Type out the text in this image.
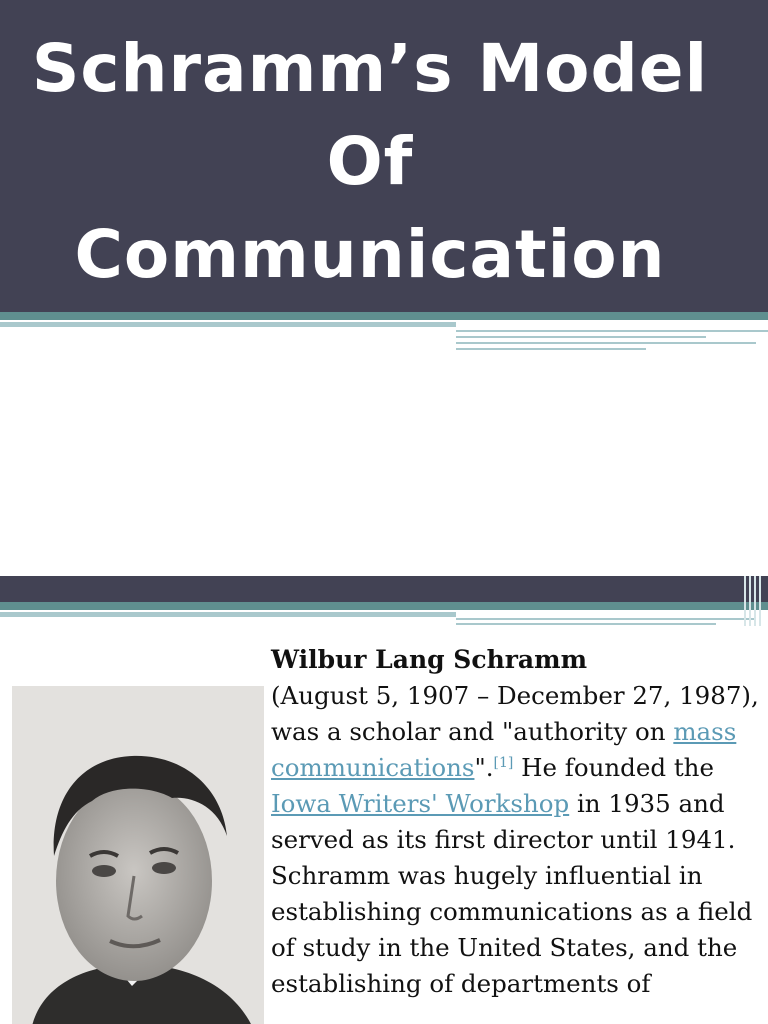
Schramm’s Model
Of
Communication
Wilbur Lang Schramm
(August 5, 1907 – December 27, 1987), was a scholar and "authority on mass communications".[1] He founded the Iowa Writers' Workshop in 1935 and served as its first director until 1941. Schramm was hugely influential in establishing communications as a field of study in the United States, and the establishing of departments of
